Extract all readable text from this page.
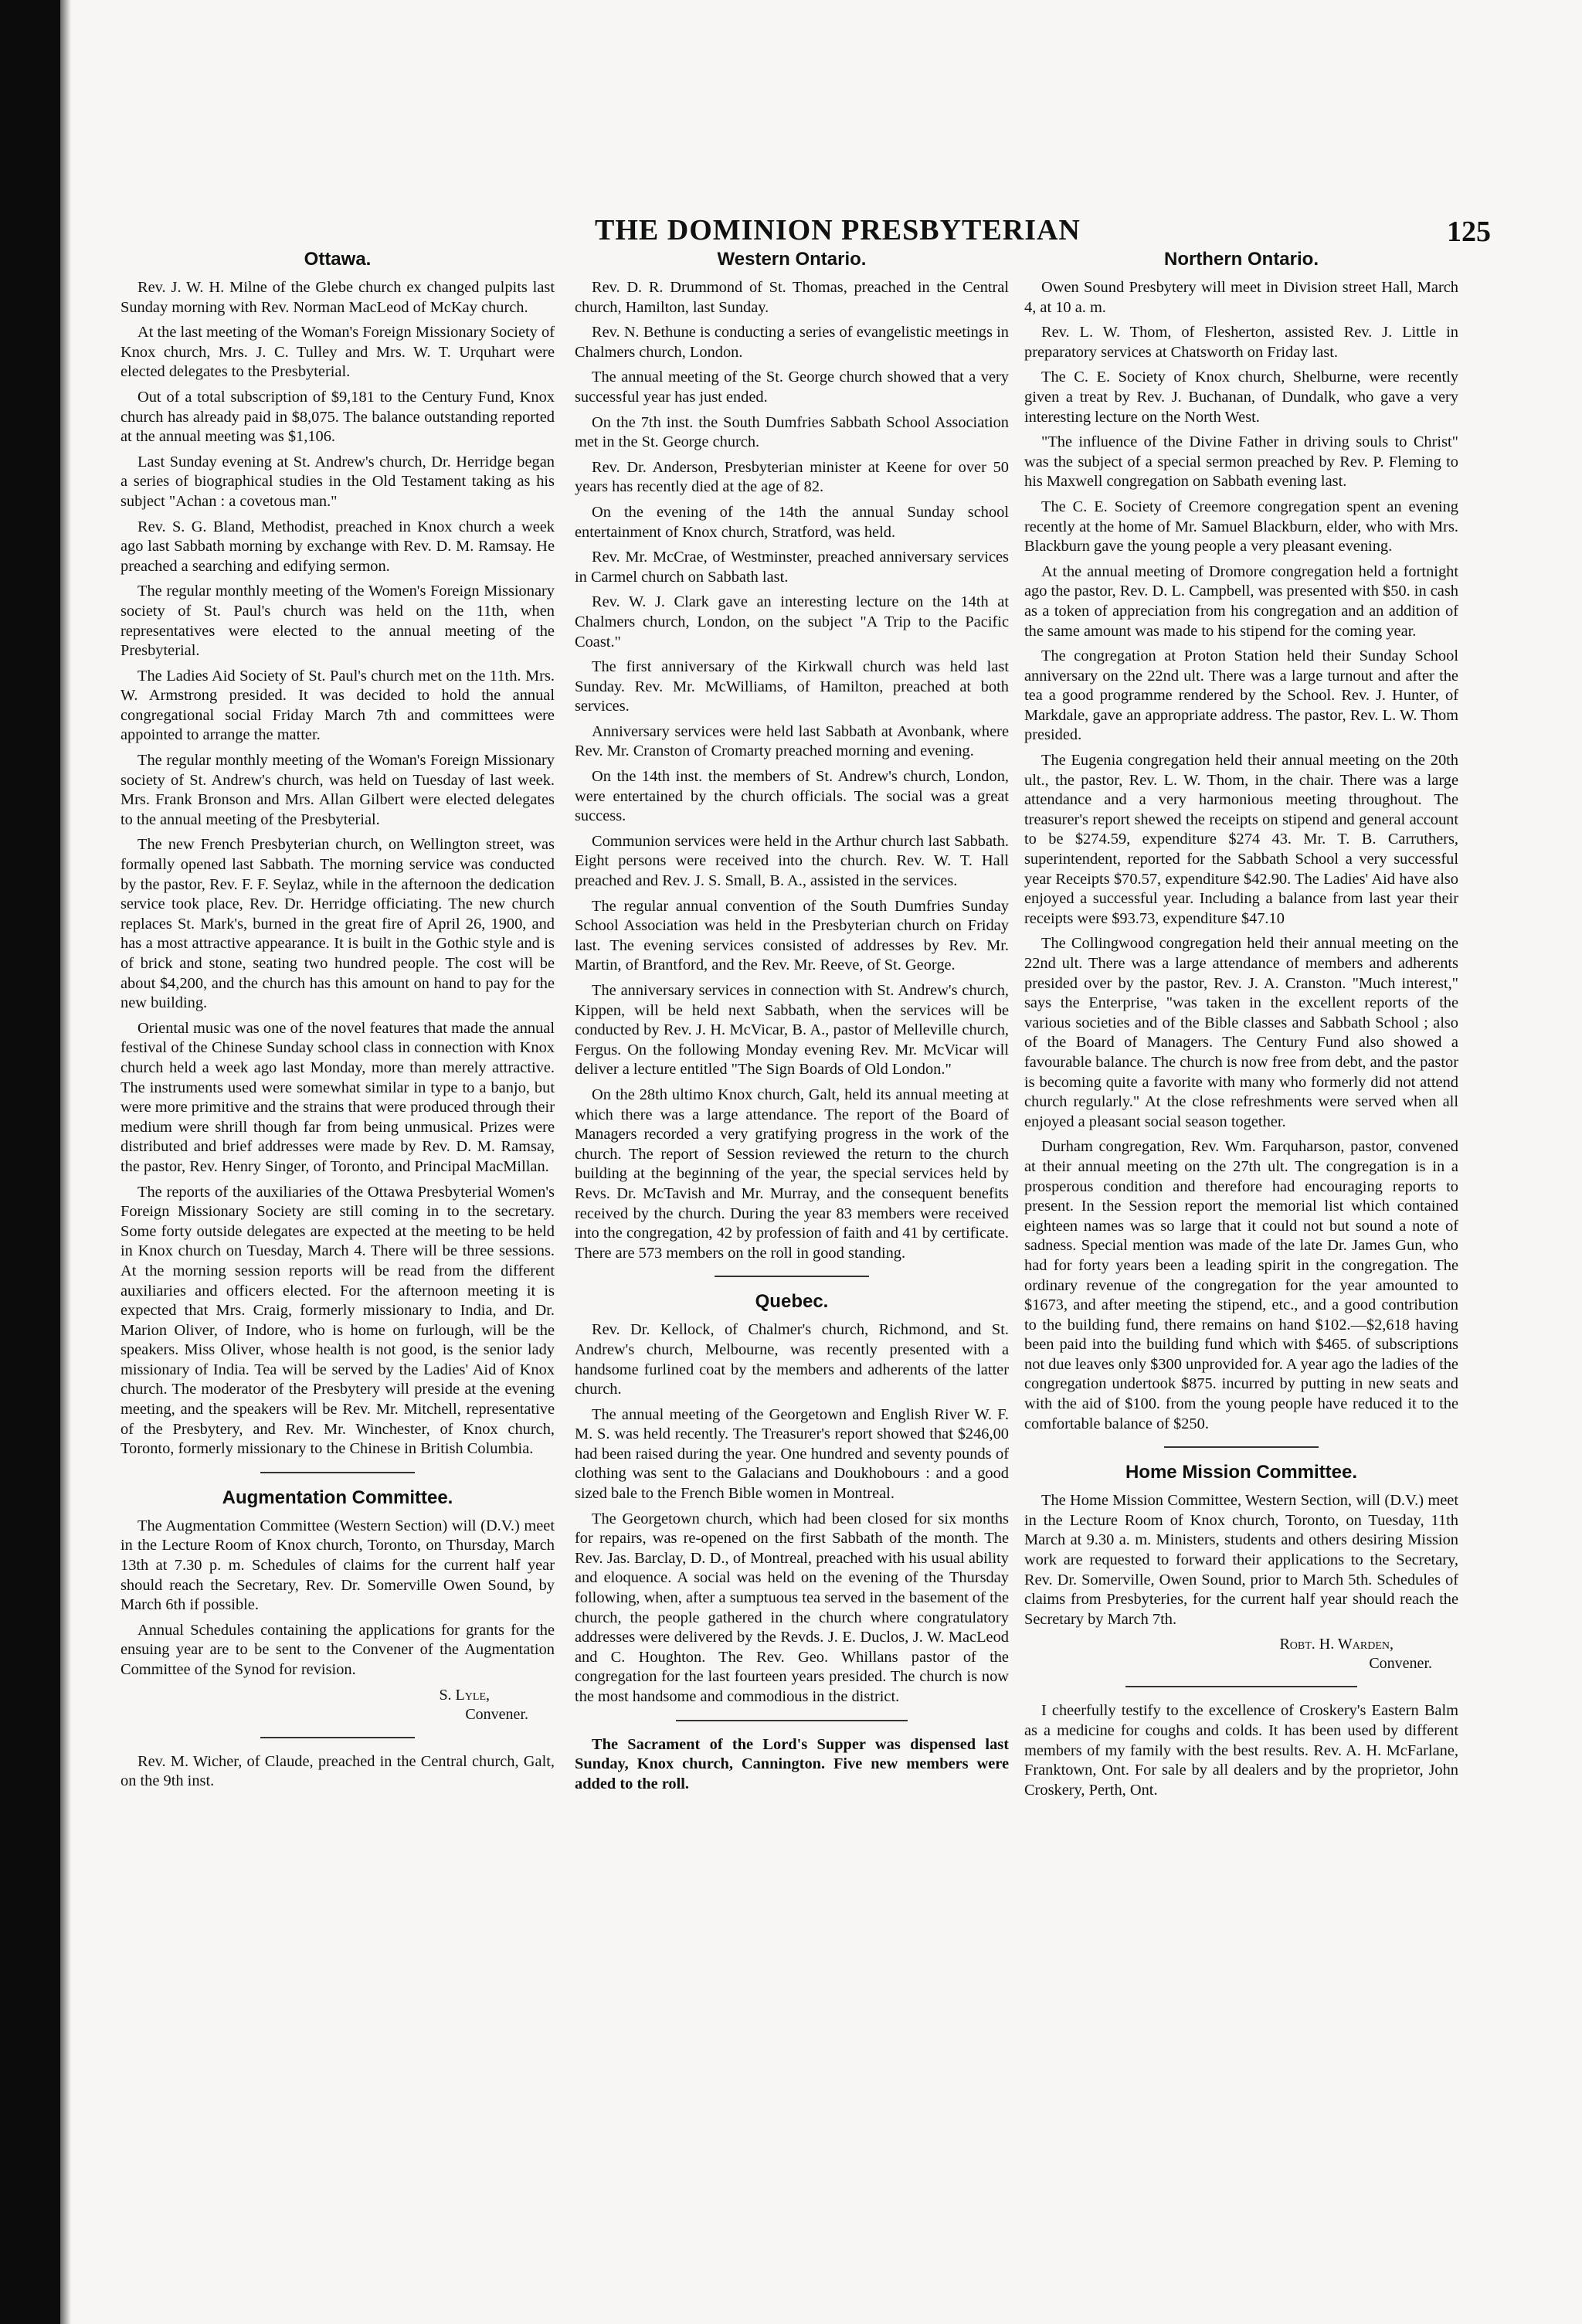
THE DOMINION PRESBYTERIAN	125
Ottawa.

Rev. J. W. H. Milne of the Glebe church ex changed pulpits last Sunday morning with Rev. Norman MacLeod of McKay church.

At the last meeting of the Woman's Foreign Missionary Society of Knox church, Mrs. J. C. Tulley and Mrs. W. T. Urquhart were elected delegates to the Presbyterial.

Out of a total subscription of $9,181 to the Century Fund, Knox church has already paid in $8,075. The balance outstanding reported at the annual meeting was $1,106.

Last Sunday evening at St. Andrew's church, Dr. Herridge began a series of biographical studies in the Old Testament taking as his subject "Achan : a covetous man."

Rev. S. G. Bland, Methodist, preached in Knox church a week ago last Sabbath morning by exchange with Rev. D. M. Ramsay. He preached a searching and edifying sermon.

The regular monthly meeting of the Women's Foreign Missionary society of St. Paul's church was held on the 11th, when representatives were elected to the annual meeting of the Presbyterial.

The Ladies Aid Society of St. Paul's church met on the 11th. Mrs. W. Armstrong presided. It was decided to hold the annual congregational social Friday March 7th and committees were appointed to arrange the matter.

The regular monthly meeting of the Woman's Foreign Missionary society of St. Andrew's church, was held on Tuesday of last week. Mrs. Frank Bronson and Mrs. Allan Gilbert were elected delegates to the annual meeting of the Presbyterial.

The new French Presbyterian church, on Wellington street, was formally opened last Sabbath. The morning service was conducted by the pastor, Rev. F. F. Seylaz, while in the afternoon the dedication service took place, Rev. Dr. Herridge officiating. The new church replaces St. Mark's, burned in the great fire of April 26, 1900, and has a most attractive appearance. It is built in the Gothic style and is of brick and stone, seating two hundred people. The cost will be about $4,200, and the church has this amount on hand to pay for the new building.

Oriental music was one of the novel features that made the annual festival of the Chinese Sunday school class in connection with Knox church held a week ago last Monday, more than merely attractive. The instruments used were somewhat similar in type to a banjo, but were more primitive and the strains that were produced through their medium were shrill though far from being unmusical. Prizes were distributed and brief addresses were made by Rev. D. M. Ramsay, the pastor, Rev. Henry Singer, of Toronto, and Principal MacMillan.

The reports of the auxiliaries of the Ottawa Presbyterial Women's Foreign Missionary Society are still coming in to the secretary. Some forty outside delegates are expected at the meeting to be held in Knox church on Tuesday, March 4. There will be three sessions. At the morning session reports will be read from the different auxiliaries and officers elected. For the afternoon meeting it is expected that Mrs. Craig, formerly missionary to India, and Dr. Marion Oliver, of Indore, who is home on furlough, will be the speakers. Miss Oliver, whose health is not good, is the senior lady missionary of India. Tea will be served by the Ladies' Aid of Knox church. The moderator of the Presbytery will preside at the evening meeting, and the speakers will be Rev. Mr. Mitchell, representative of the Presbytery, and Rev. Mr. Winchester, of Knox church, Toronto, formerly missionary to the Chinese in British Columbia.

Augmentation Committee.

The Augmentation Committee (Western Section) will (D.V.) meet in the Lecture Room of Knox church, Toronto, on Thursday, March 13th at 7.30 p. m. Schedules of claims for the current half year should reach the Secretary, Rev. Dr. Somerville Owen Sound, by March 6th if possible.

Annual Schedules containing the applications for grants for the ensuing year are to be sent to the Convener of the Augmentation Committee of the Synod for revision.

S. Lyle,
Convener.

Rev. M. Wicher, of Claude, preached in the Central church, Galt, on the 9th inst.

Western Ontario.

Rev. D. R. Drummond of St. Thomas, preached in the Central church, Hamilton, last Sunday.

Rev. N. Bethune is conducting a series of evangelistic meetings in Chalmers church, London.

The annual meeting of the St. George church showed that a very successful year has just ended.

On the 7th inst. the South Dumfries Sabbath School Association met in the St. George church.

Rev. Dr. Anderson, Presbyterian minister at Keene for over 50 years has recently died at the age of 82.

On the evening of the 14th the annual Sunday school entertainment of Knox church, Stratford, was held.

Rev. Mr. McCrae, of Westminster, preached anniversary services in Carmel church on Sabbath last.

Rev. W. J. Clark gave an interesting lecture on the 14th at Chalmers church, London, on the subject "A Trip to the Pacific Coast."

The first anniversary of the Kirkwall church was held last Sunday. Rev. Mr. McWilliams, of Hamilton, preached at both services.

Anniversary services were held last Sabbath at Avonbank, where Rev. Mr. Cranston of Cromarty preached morning and evening.

On the 14th inst. the members of St. Andrew's church, London, were entertained by the church officials. The social was a great success.

Communion services were held in the Arthur church last Sabbath. Eight persons were received into the church. Rev. W. T. Hall preached and Rev. J. S. Small, B. A., assisted in the services.

The regular annual convention of the South Dumfries Sunday School Association was held in the Presbyterian church on Friday last. The evening services consisted of addresses by Rev. Mr. Martin, of Brantford, and the Rev. Mr. Reeve, of St. George.

The anniversary services in connection with St. Andrew's church, Kippen, will be held next Sabbath, when the services will be conducted by Rev. J. H. McVicar, B. A., pastor of Melleville church, Fergus. On the following Monday evening Rev. Mr. McVicar will deliver a lecture entitled "The Sign Boards of Old London."

On the 28th ultimo Knox church, Galt, held its annual meeting at which there was a large attendance. The report of the Board of Managers recorded a very gratifying progress in the work of the church. The report of Session reviewed the return to the church building at the beginning of the year, the special services held by Revs. Dr. McTavish and Mr. Murray, and the consequent benefits received by the church. During the year 83 members were received into the congregation, 42 by profession of faith and 41 by certificate. There are 573 members on the roll in good standing.

Quebec.

Rev. Dr. Kellock, of Chalmer's church, Richmond, and St. Andrew's church, Melbourne, was recently presented with a handsome furlined coat by the members and adherents of the latter church.

The annual meeting of the Georgetown and English River W. F. M. S. was held recently. The Treasurer's report showed that $246,00 had been raised during the year. One hundred and seventy pounds of clothing was sent to the Galacians and Doukhobours : and a good sized bale to the French Bible women in Montreal.

The Georgetown church, which had been closed for six months for repairs, was re-opened on the first Sabbath of the month. The Rev. Jas. Barclay, D. D., of Montreal, preached with his usual ability and eloquence. A social was held on the evening of the Thursday following, when, after a sumptuous tea served in the basement of the church, the people gathered in the church where congratulatory addresses were delivered by the Revds. J. E. Duclos, J. W. MacLeod and C. Houghton. The Rev. Geo. Whillans pastor of the congregation for the last fourteen years presided. The church is now the most handsome and commodious in the district.

The Sacrament of the Lord's Supper was dispensed last Sunday, Knox church, Cannington. Five new members were added to the roll.

Northern Ontario.

Owen Sound Presbytery will meet in Division street Hall, March 4, at 10 a. m.

Rev. L. W. Thom, of Flesherton, assisted Rev. J. Little in preparatory services at Chatsworth on Friday last.

The C. E. Society of Knox church, Shelburne, were recently given a treat by Rev. J. Buchanan, of Dundalk, who gave a very interesting lecture on the North West.

"The influence of the Divine Father in driving souls to Christ" was the subject of a special sermon preached by Rev. P. Fleming to his Maxwell congregation on Sabbath evening last.

The C. E. Society of Creemore congregation spent an evening recently at the home of Mr. Samuel Blackburn, elder, who with Mrs. Blackburn gave the young people a very pleasant evening.

At the annual meeting of Dromore congregation held a fortnight ago the pastor, Rev. D. L. Campbell, was presented with $50. in cash as a token of appreciation from his congregation and an addition of the same amount was made to his stipend for the coming year.

The congregation at Proton Station held their Sunday School anniversary on the 22nd ult. There was a large turnout and after the tea a good programme rendered by the School. Rev. J. Hunter, of Markdale, gave an appropriate address. The pastor, Rev. L. W. Thom presided.

The Eugenia congregation held their annual meeting on the 20th ult., the pastor, Rev. L. W. Thom, in the chair. There was a large attendance and a very harmonious meeting throughout. The treasurer's report shewed the receipts on stipend and general account to be $274.59, expenditure $274 43. Mr. T. B. Carruthers, superintendent, reported for the Sabbath School a very successful year Receipts $70.57, expenditure $42.90. The Ladies' Aid have also enjoyed a successful year. Including a balance from last year their receipts were $93.73, expenditure $47.10

The Collingwood congregation held their annual meeting on the 22nd ult. There was a large attendance of members and adherents presided over by the pastor, Rev. J. A. Cranston. "Much interest," says the Enterprise, "was taken in the excellent reports of the various societies and of the Bible classes and Sabbath School ; also of the Board of Managers. The Century Fund also showed a favourable balance. The church is now free from debt, and the pastor is becoming quite a favorite with many who formerly did not attend church regularly." At the close refreshments were served when all enjoyed a pleasant social season together.

Durham congregation, Rev. Wm. Farquharson, pastor, convened at their annual meeting on the 27th ult. The congregation is in a prosperous condition and therefore had encouraging reports to present. In the Session report the memorial list which contained eighteen names was so large that it could not but sound a note of sadness. Special mention was made of the late Dr. James Gun, who had for forty years been a leading spirit in the congregation. The ordinary revenue of the congregation for the year amounted to $1673, and after meeting the stipend, etc., and a good contribution to the building fund, there remains on hand $102.—$2,618 having been paid into the building fund which with $465. of subscriptions not due leaves only $300 unprovided for. A year ago the ladies of the congregation undertook $875. incurred by putting in new seats and with the aid of $100. from the young people have reduced it to the comfortable balance of $250.

Home Mission Committee.

The Home Mission Committee, Western Section, will (D.V.) meet in the Lecture Room of Knox church, Toronto, on Tuesday, 11th March at 9.30 a. m. Ministers, students and others desiring Mission work are requested to forward their applications to the Secretary, Rev. Dr. Somerville, Owen Sound, prior to March 5th. Schedules of claims from Presbyteries, for the current half year should reach the Secretary by March 7th.

Robt. H. Warden,
Convener.

I cheerfully testify to the excellence of Croskery's Eastern Balm as a medicine for coughs and colds. It has been used by different members of my family with the best results. Rev. A. H. McFarlane, Franktown, Ont. For sale by all dealers and by the proprietor, John Croskery, Perth, Ont.
